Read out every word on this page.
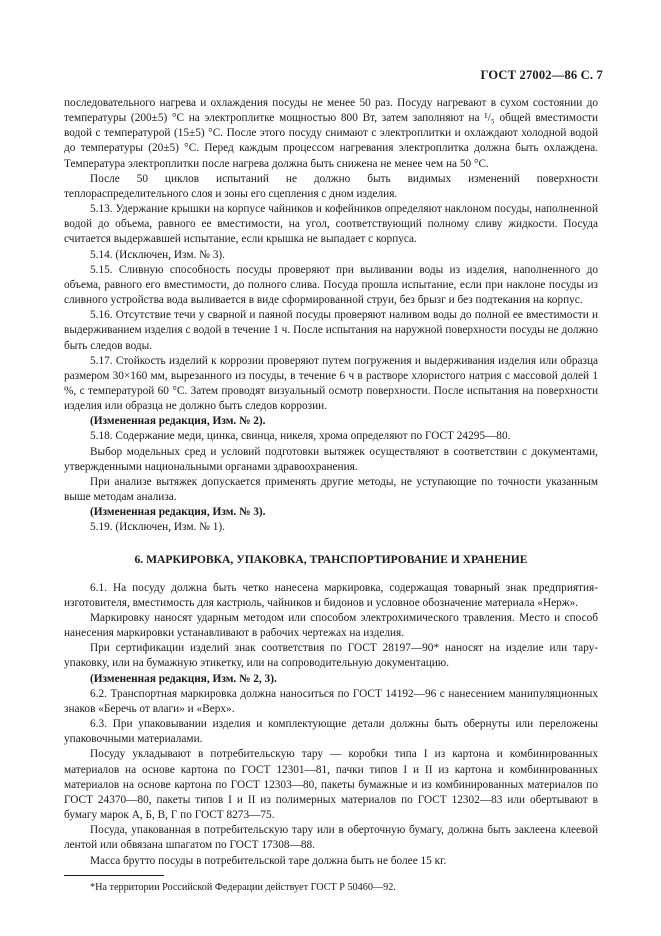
ГОСТ 27002—86 С. 7

последовательного нагрева и охлаждения посуды не менее 50 раз. Посуду нагревают в сухом состоянии до температуры (200±5) °С на электроплитке мощностью 800 Вт, затем заполняют на ¹/₅ общей вместимости водой с температурой (15±5) °С. После этого посуду снимают с электроплитки и охлаждают холодной водой до температуры (20±5) °С. Перед каждым процессом нагревания электроплитка должна быть охлаждена. Температура электроплитки после нагрева должна быть снижена не менее чем на 50 °С.

После 50 циклов испытаний не должно быть видимых изменений поверхности теплораспределительного слоя и зоны его сцепления с дном изделия.

5.13. Удержание крышки на корпусе чайников и кофейников определяют наклоном посуды, наполненной водой до объема, равного ее вместимости, на угол, соответствующий полному сливу жидкости. Посуда считается выдержавшей испытание, если крышка не выпадает с корпуса.

5.14. (Исключен, Изм. № 3).

5.15. Сливную способность посуды проверяют при выливании воды из изделия, наполненного до объема, равного его вместимости, до полного слива. Посуда прошла испытание, если при наклоне посуды из сливного устройства вода выливается в виде сформированной струи, без брызг и без подтекания на корпус.

5.16. Отсутствие течи у сварной и паяной посуды проверяют наливом воды до полной ее вместимости и выдерживанием изделия с водой в течение 1 ч. После испытания на наружной поверхности посуды не должно быть следов воды.

5.17. Стойкость изделий к коррозии проверяют путем погружения и выдерживания изделия или образца размером 30×160 мм, вырезанного из посуды, в течение 6 ч в растворе хлористого натрия с массовой долей 1 %, с температурой 60 °С. Затем проводят визуальный осмотр поверхности. После испытания на поверхности изделия или образца не должно быть следов коррозии.

(Измененная редакция, Изм. № 2).

5.18. Содержание меди, цинка, свинца, никеля, хрома определяют по ГОСТ 24295—80.

Выбор модельных сред и условий подготовки вытяжек осуществляют в соответствии с документами, утвержденными национальными органами здравоохранения.

При анализе вытяжек допускается применять другие методы, не уступающие по точности указанным выше методам анализа.

(Измененная редакция, Изм. № 3).

5.19. (Исключен, Изм. № 1).

6. МАРКИРОВКА, УПАКОВКА, ТРАНСПОРТИРОВАНИЕ И ХРАНЕНИЕ

6.1. На посуду должна быть четко нанесена маркировка, содержащая товарный знак предприятия-изготовителя, вместимость для кастрюль, чайников и бидонов и условное обозначение материала «Нерж».

Маркировку наносят ударным методом или способом электрохимического травления. Место и способ нанесения маркировки устанавливают в рабочих чертежах на изделия.

При сертификации изделий знак соответствия по ГОСТ 28197—90* наносят на изделие или тару-упаковку, или на бумажную этикетку, или на сопроводительную документацию.

(Измененная редакция, Изм. № 2, 3).

6.2. Транспортная маркировка должна наноситься по ГОСТ 14192—96 с нанесением манипуляционных знаков «Беречь от влаги» и «Верх».

6.3. При упаковывании изделия и комплектующие детали должны быть обернуты или переложены упаковочными материалами.

Посуду укладывают в потребительскую тару — коробки типа I из картона и комбинированных материалов на основе картона по ГОСТ 12301—81, пачки типов I и II из картона и комбинированных материалов на основе картона по ГОСТ 12303—80, пакеты бумажные и из комбинированных материалов по ГОСТ 24370—80, пакеты типов I и II из полимерных материалов по ГОСТ 12302—83 или обертывают в бумагу марок А, Б, В, Г по ГОСТ 8273—75.

Посуда, упакованная в потребительскую тару или в оберточную бумагу, должна быть заклеена клеевой лентой или обвязана шпагатом по ГОСТ 17308—88.

Масса брутто посуды в потребительской таре должна быть не более 15 кг.

*На территории Российской Федерации действует ГОСТ Р 50460—92.
